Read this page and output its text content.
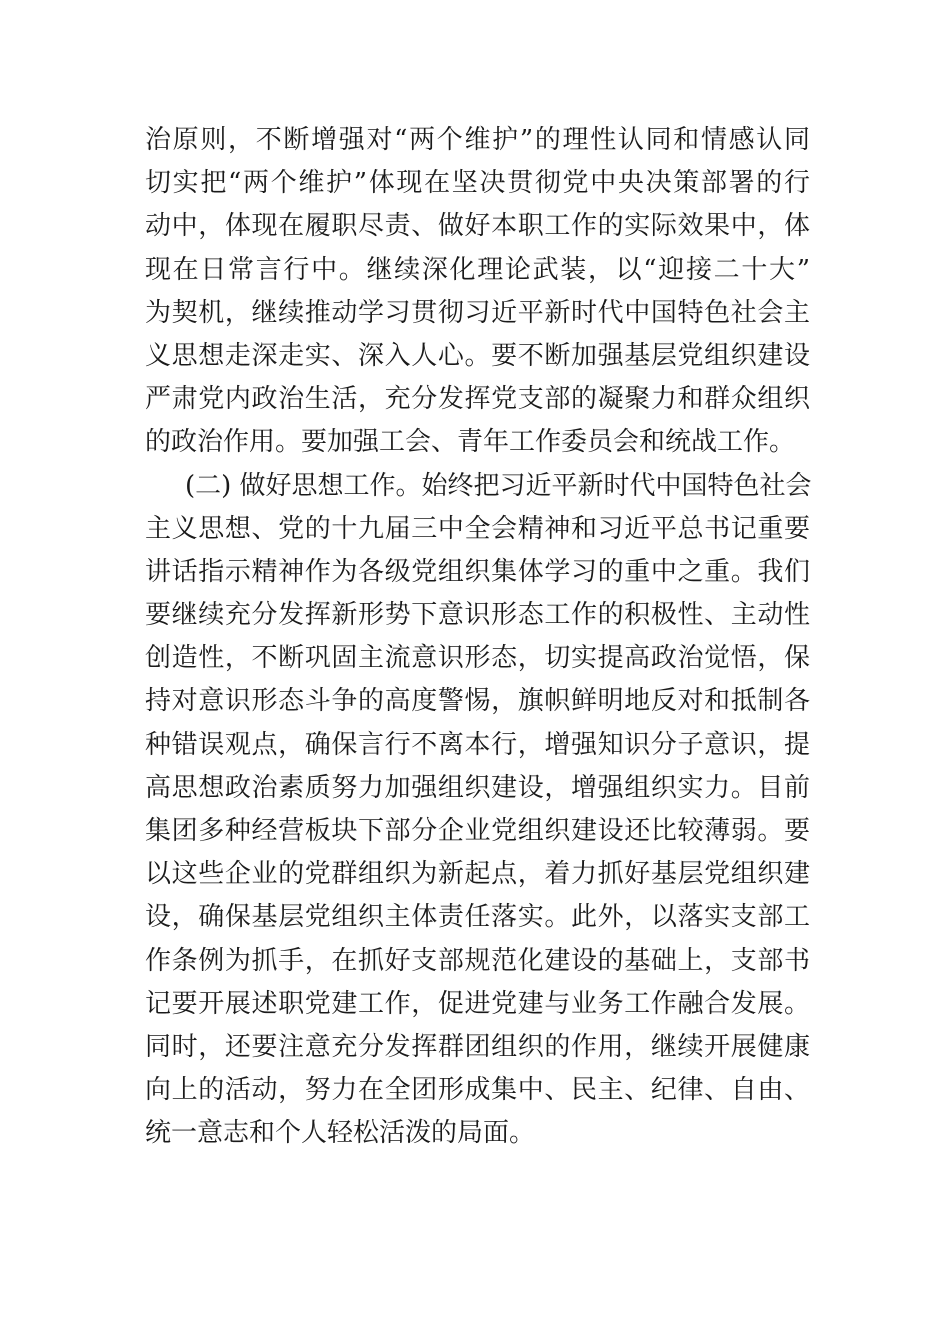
治原则，不断增强对“两个维护”的理性认同和情感认同
切实把“两个维护”体现在坚决贯彻党中央决策部署的行
动中，体现在履职尽责、做好本职工作的实际效果中，体
现在日常言行中。继续深化理论武装，以“迎接二十大”
为契机，继续推动学习贯彻习近平新时代中国特色社会主
义思想走深走实、深入人心。要不断加强基层党组织建设
严肃党内政治生活，充分发挥党支部的凝聚力和群众组织
的政治作用。要加强工会、青年工作委员会和统战工作。
(二) 做好思想工作。始终把习近平新时代中国特色社会
主义思想、党的十九届三中全会精神和习近平总书记重要
讲话指示精神作为各级党组织集体学习的重中之重。我们
要继续充分发挥新形势下意识形态工作的积极性、主动性
创造性，不断巩固主流意识形态，切实提高政治觉悟，保
持对意识形态斗争的高度警惕，旗帜鲜明地反对和抵制各
种错误观点，确保言行不离本行，增强知识分子意识，提
高思想政治素质努力加强组织建设，增强组织实力。目前
集团多种经营板块下部分企业党组织建设还比较薄弱。要
以这些企业的党群组织为新起点，着力抓好基层党组织建
设，确保基层党组织主体责任落实。此外，以落实支部工
作条例为抓手，在抓好支部规范化建设的基础上，支部书
记要开展述职党建工作，促进党建与业务工作融合发展。
同时，还要注意充分发挥群团组织的作用，继续开展健康
向上的活动，努力在全团形成集中、民主、纪律、自由、
统一意志和个人轻松活泼的局面。
